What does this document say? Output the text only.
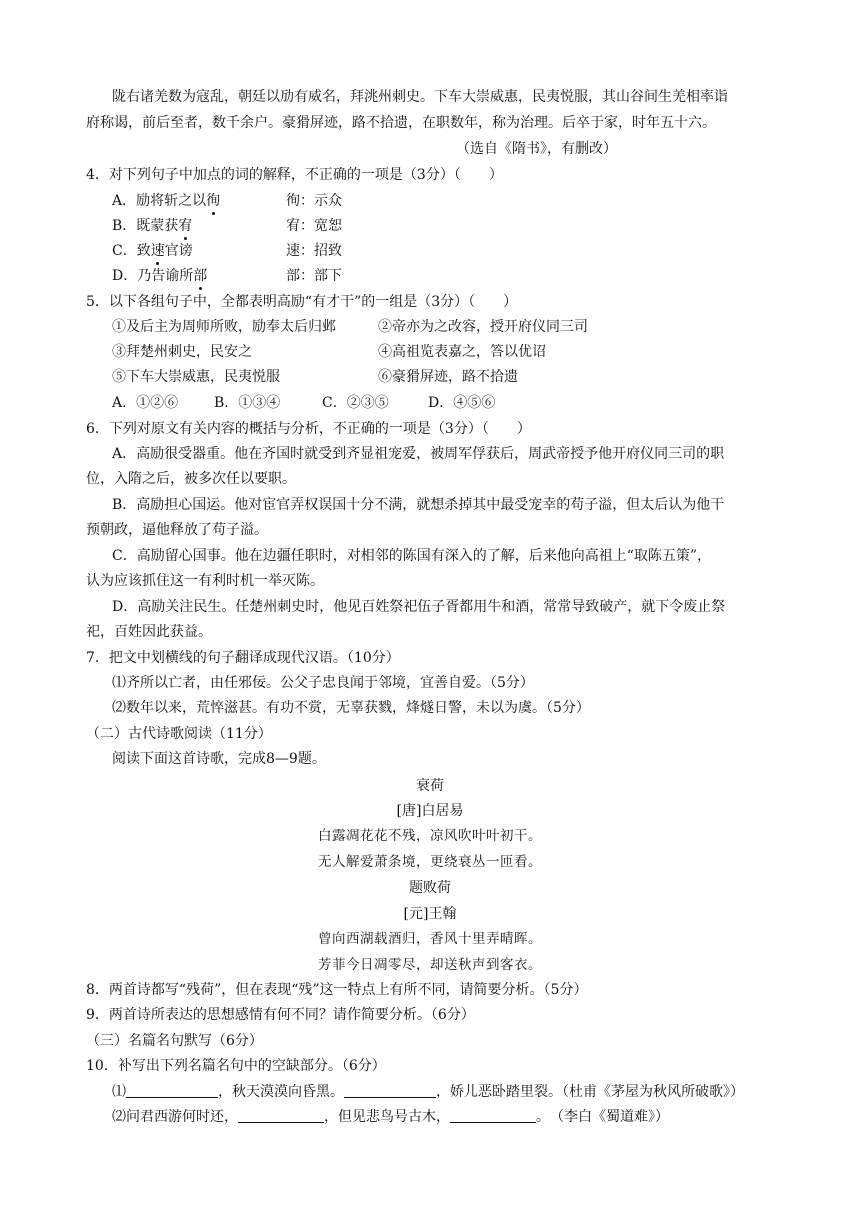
陇右诸羌数为寇乱，朝廷以劢有威名，拜洮州刺史。下车大崇威惠，民夷悦服，其山谷间生羌相率诣
府称谒，前后至者，数千余户。豪猾屏迹，路不拾遗，在职数年，称为治理。后卒于家，时年五十六。
（选自《隋书》，有删改）
4．对下列句子中加点的词的解释，不正确的一项是（3分）（　　）
A．励将斩之以徇	徇：示众
B．既蒙获宥	宥：宽恕
C．致速官谤	速：招致
D．乃告谕所部	部：部下
5．以下各组句子中，全都表明高励“有才干”的一组是（3分）（　　）
①及后主为周师所败，励奉太后归邺	②帝亦为之改容，授开府仪同三司
③拜楚州刺史，民安之	④高祖览表嘉之，答以优诏
⑤下车大崇威惠，民夷悦服	⑥豪猾屏迹，路不拾遗
A．①②⑥	B．①③④	C．②③⑤	D．④⑤⑥
6．下列对原文有关内容的概括与分析，不正确的一项是（3分）（　　）
A．高励很受器重。他在齐国时就受到齐显祖宠爱，被周军俘获后，周武帝授予他开府仪同三司的职
位，入隋之后，被多次任以要职。
B．高励担心国运。他对宦官弄权误国十分不满，就想杀掉其中最受宠幸的苟子溢，但太后认为他干
预朝政，逼他释放了苟子溢。
C．高励留心国事。他在边疆任职时，对相邻的陈国有深入的了解，后来他向高祖上“取陈五策”，
认为应该抓住这一有利时机一举灭陈。
D．高励关注民生。任楚州刺史时，他见百姓祭祀伍子胥都用牛和酒，常常导致破产，就下令废止祭
祀，百姓因此获益。
7．把文中划横线的句子翻译成现代汉语。（10分）
⑴齐所以亡者，由任邪佞。公父子忠良闻于邻境，宜善自爱。（5分）
⑵数年以来，荒悴滋甚。有功不赏，无辜获戮，烽燧日警，未以为虞。（5分）
（二）古代诗歌阅读（11分）
阅读下面这首诗歌，完成8—9题。
衰荷
[唐]白居易
白露凋花花不残，凉风吹叶叶初干。
无人解爱萧条境，更绕衰丛一匝看。
题败荷
[元]王翰
曾向西湖载酒归，香风十里弄晴晖。
芳菲今日凋零尽，却送秋声到客衣。
8．两首诗都写“残荷”，但在表现“残”这一特点上有所不同，请简要分析。（5分）
9．两首诗所表达的思想感情有何不同？请作简要分析。（6分）
（三）名篇名句默写（6分）
10．补写出下列名篇名句中的空缺部分。（6分）
⑴	，秋天漠漠向昏黑。	，娇儿恶卧踏里裂。（杜甫《茅屋为秋风所破歌》）
⑵问君西游何时还，	，但见悲鸟号古木，	。　（李白《蜀道难》）
